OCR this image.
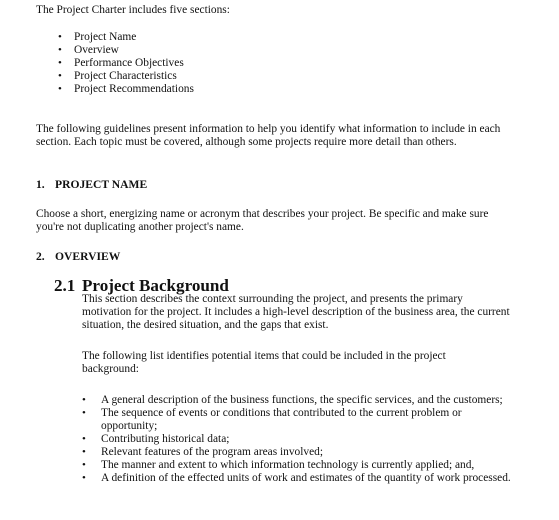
The Project Charter includes five sections:

• Project Name
• Overview
• Performance Objectives
• Project Characteristics
• Project Recommendations

The following guidelines present information to help you identify what information to include in each section. Each topic must be covered, although some projects require more detail than others.

1. PROJECT NAME

Choose a short, energizing name or acronym that describes your project. Be specific and make sure you're not duplicating another project's name.

2. OVERVIEW
2.1 Project Background

This section describes the context surrounding the project, and presents the primary motivation for the project. It includes a high-level description of the business area, the current situation, the desired situation, and the gaps that exist.

The following list identifies potential items that could be included in the project background:

• A general description of the business functions, the specific services, and the customers;
• The sequence of events or conditions that contributed to the current problem or opportunity;
• Contributing historical data;
• Relevant features of the program areas involved;
• The manner and extent to which information technology is currently applied; and,
• A definition of the effected units of work and estimates of the quantity of work processed.
